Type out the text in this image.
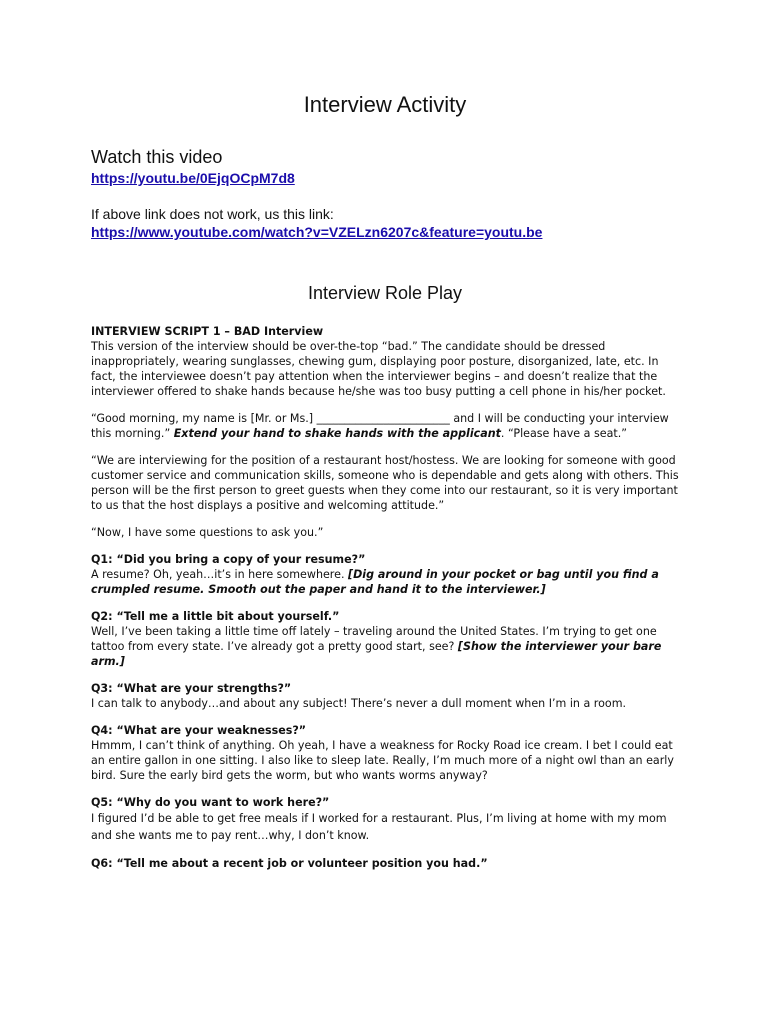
Interview Activity
Watch this video
https://youtu.be/0EjqOCpM7d8
If above link does not work, us this link:
https://www.youtube.com/watch?v=VZELzn6207c&feature=youtu.be
Interview Role Play

INTERVIEW SCRIPT 1 – BAD Interview

This version of the interview should be over-the-top “bad.” The candidate should be dressed inappropriately, wearing sunglasses, chewing gum, displaying poor posture, disorganized, late, etc. In fact, the interviewee doesn’t pay attention when the interviewer begins – and doesn’t realize that the interviewer offered to shake hands because he/she was too busy putting a cell phone in his/her pocket.

“Good morning, my name is [Mr. or Ms.] ________________________ and I will be conducting your interview this morning.” Extend your hand to shake hands with the applicant. “Please have a seat.”

“We are interviewing for the position of a restaurant host/hostess. We are looking for someone with good customer service and communication skills, someone who is dependable and gets along with others. This person will be the first person to greet guests when they come into our restaurant, so it is very important to us that the host displays a positive and welcoming attitude.”

“Now, I have some questions to ask you.”

Q1: “Did you bring a copy of your resume?”

A resume? Oh, yeah…it’s in here somewhere. [Dig around in your pocket or bag until you find a crumpled resume. Smooth out the paper and hand it to the interviewer.]

Q2: “Tell me a little bit about yourself.”

Well, I’ve been taking a little time off lately – traveling around the United States. I’m trying to get one tattoo from every state. I’ve already got a pretty good start, see? [Show the interviewer your bare arm.]

Q3: “What are your strengths?”

I can talk to anybody…and about any subject! There’s never a dull moment when I’m in a room.

Q4: “What are your weaknesses?”

Hmmm, I can’t think of anything. Oh yeah, I have a weakness for Rocky Road ice cream. I bet I could eat an entire gallon in one sitting. I also like to sleep late. Really, I’m much more of a night owl than an early bird. Sure the early bird gets the worm, but who wants worms anyway?

Q5: “Why do you want to work here?”

I figured I’d be able to get free meals if I worked for a restaurant. Plus, I’m living at home with my mom and she wants me to pay rent…why, I don’t know.

Q6: “Tell me about a recent job or volunteer position you had.”
